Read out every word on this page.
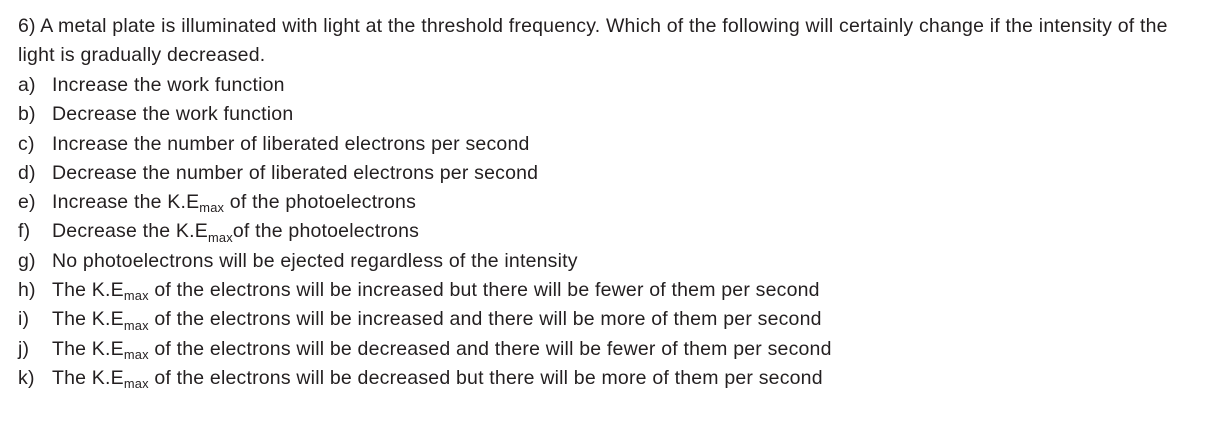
6) A metal plate is illuminated with light at the threshold frequency. Which of the following will certainly change if the intensity of the light is gradually decreased.

a) Increase the work function
b) Decrease the work function
c) Increase the number of liberated electrons per second
d) Decrease the number of liberated electrons per second
e) Increase the $K.E_{max}$ of the photoelectrons
f)	Decrease the $K.E_{max}of$ the photoelectrons
g) No photoelectrons will be ejected regardless of the intensity
h) The $K.E_{max}$ of the electrons will be increased but there will be fewer of them per second
i)	The $K.E_{max}$ of the electrons will be increased and there will be more of them per second
j)	The $K.E_{max}$ of the electrons will be decreased and there will be fewer of them per second
k) The $K.E_{max}$ of the electrons will be decreased but there will be more of them per second
